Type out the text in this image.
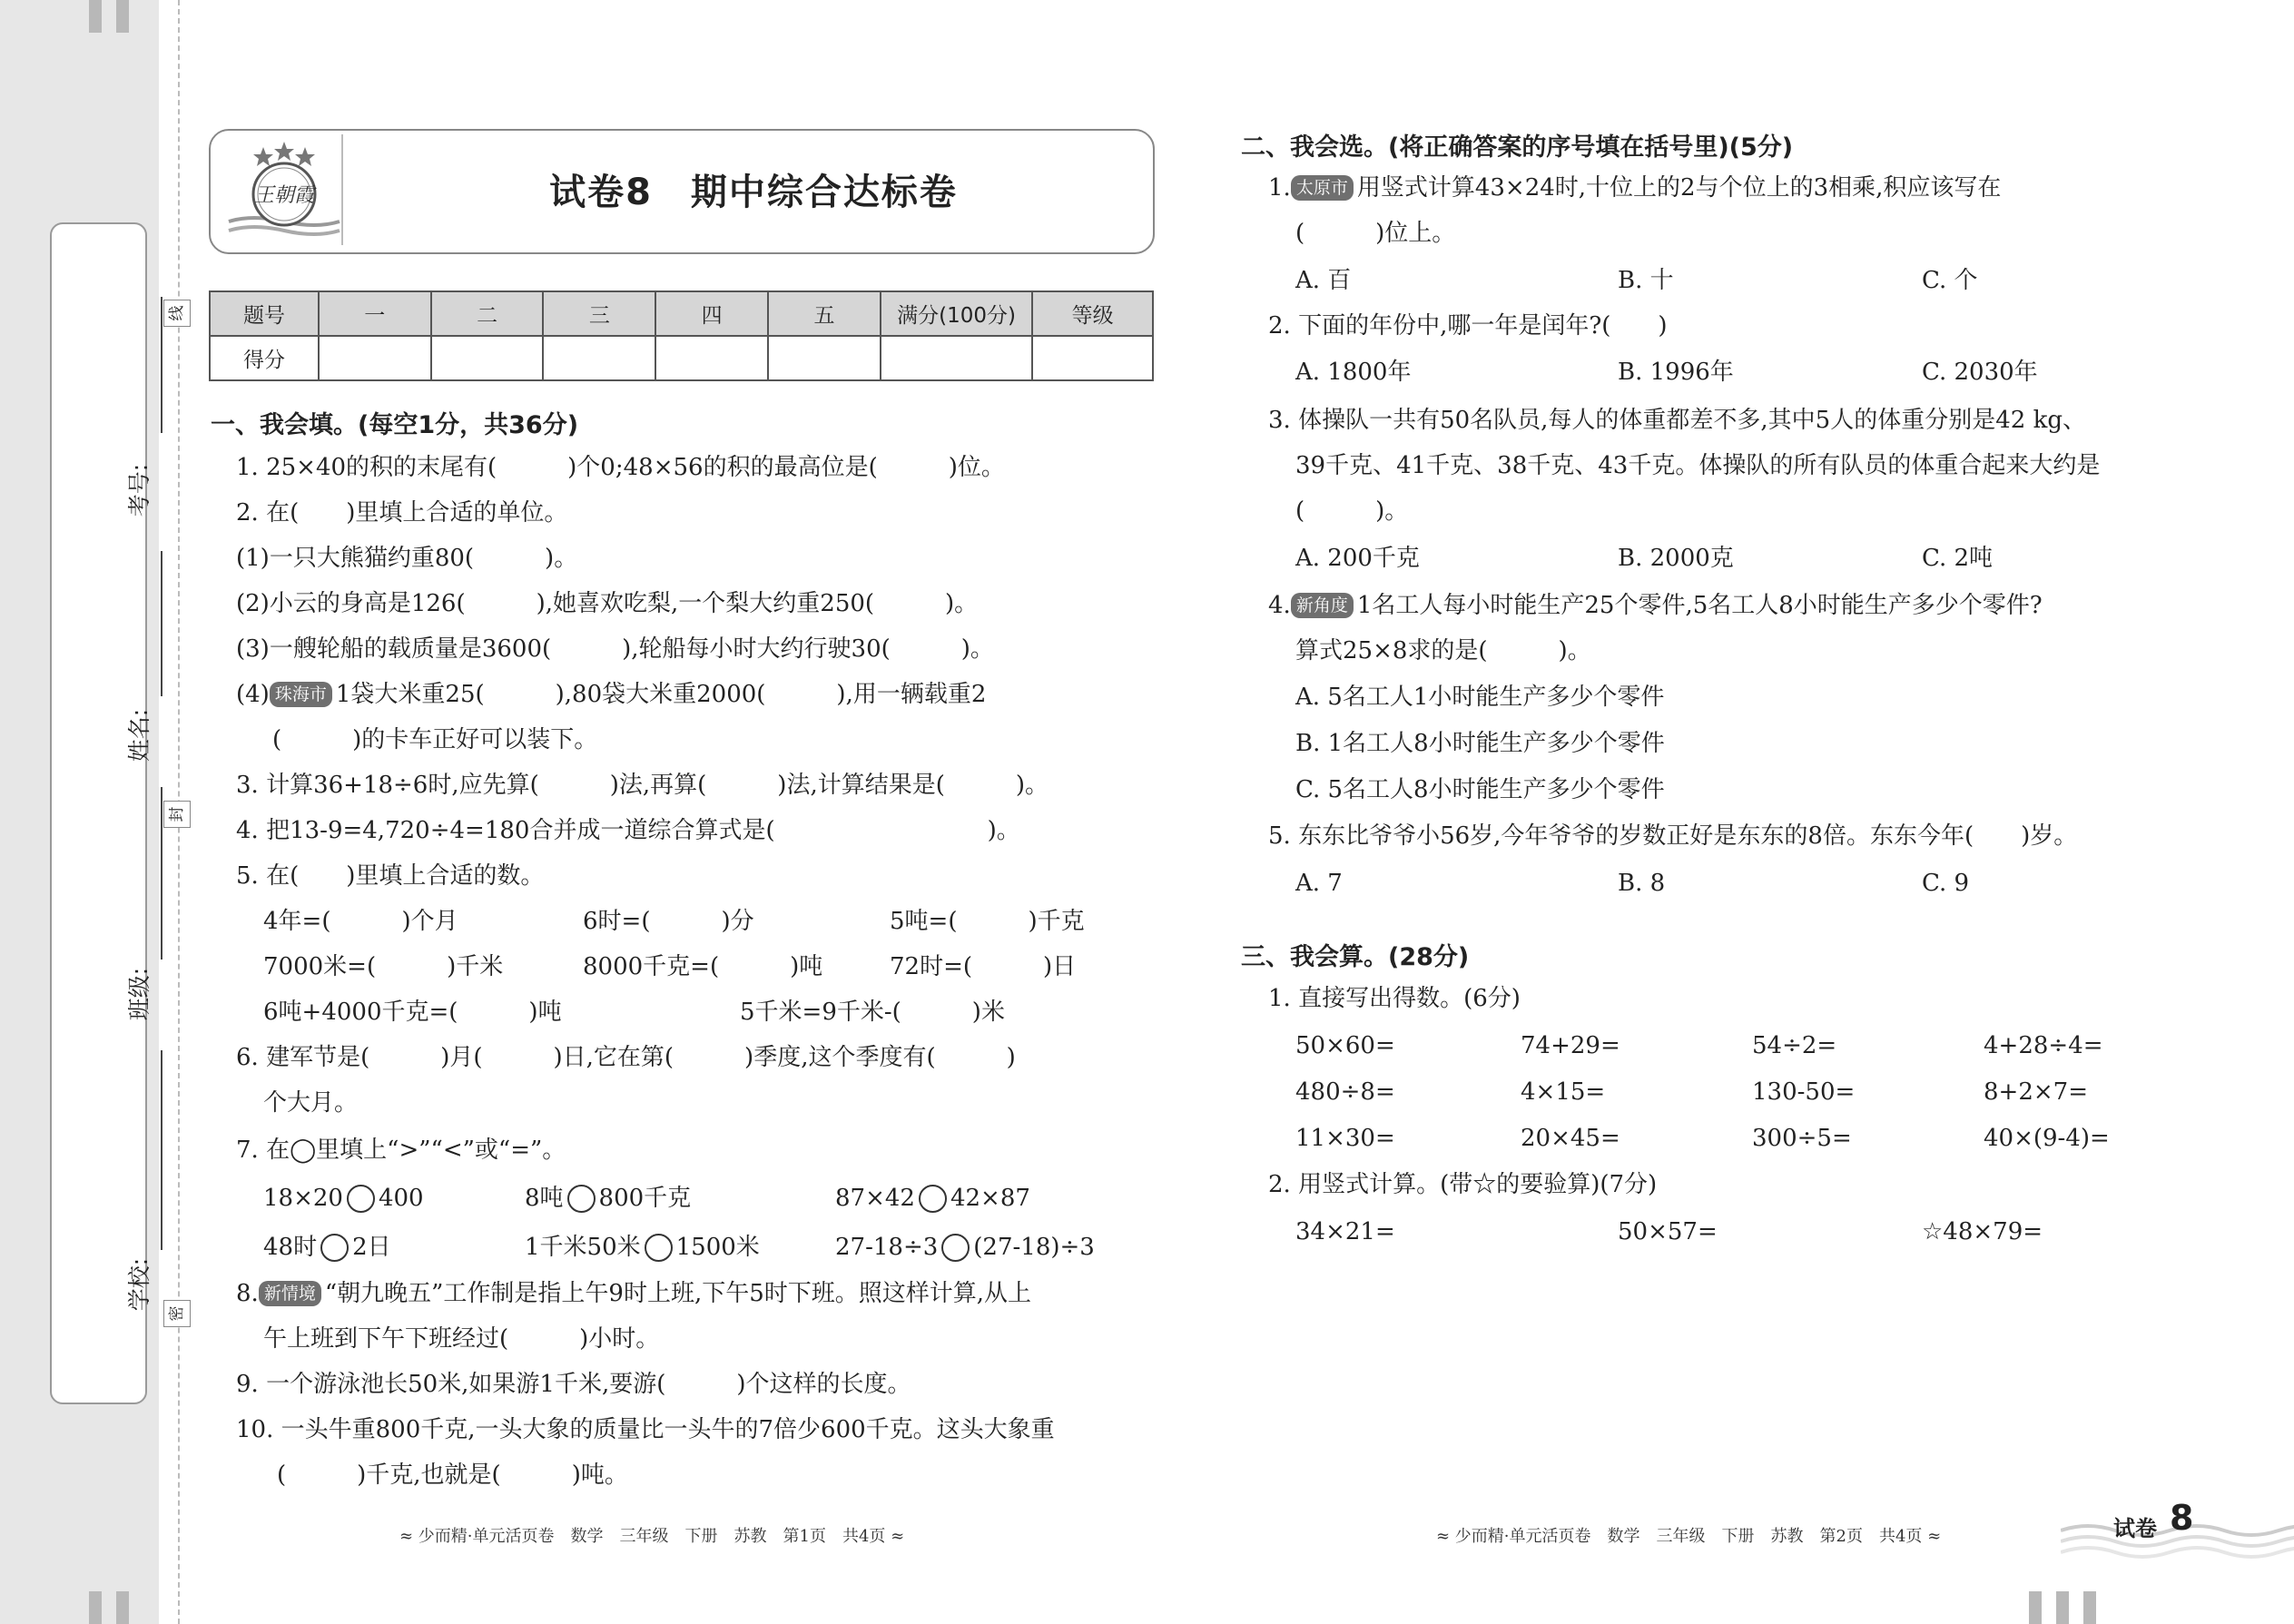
考号:
姓名:
班级:
学校:
线
封
密
王朝霞	试卷8　期中综合达标卷
题号	一	二	三	四	五	满分(100分)	等级
得分							
一、我会填。(每空1分，共36分)
1. 25×40的积的末尾有(　　　)个0;48×56的积的最高位是(　　　)位。
2. 在(　　)里填上合适的单位。
(1)一只大熊猫约重80(　　　)。
(2)小云的身高是126(　　　),她喜欢吃梨,一个梨大约重250(　　　)。
(3)一艘轮船的载质量是3600(　　　),轮船每小时大约行驶30(　　　)。
(4) 珠海市 1袋大米重25(　　　),80袋大米重2000(　　　),用一辆载重2
(　　　)的卡车正好可以装下。
3. 计算36+18÷6时,应先算(　　　)法,再算(　　　)法,计算结果是(　　　)。
4. 把13-9=4,720÷4=180合并成一道综合算式是(　　　　　　　　　)。
5. 在(　　)里填上合适的数。
4年=(　　　)个月	6时=(　　　)分	5吨=(　　　)千克
7000米=(　　　)千米	8000千克=(　　　)吨	72时=(　　　)日
6吨+4000千克=(　　　)吨	5千米=9千米-(　　　)米
6. 建军节是(　　　)月(　　　)日,它在第(　　　)季度,这个季度有(　　　)
个大月。
7. 在◯里填上“>”“<”或“=”。
18×20 400	8吨 800千克	87×42 42×87
48时 2日	1千米50米 1500米	27-18÷3 (27-18)÷3
8. 新情境 “朝九晚五”工作制是指上午9时上班,下午5时下班。照这样计算,从上
午上班到下午下班经过(　　　)小时。
9. 一个游泳池长50米,如果游1千米,要游(　　　)个这样的长度。
10. 一头牛重800千克,一头大象的质量比一头牛的7倍少600千克。这头大象重
(　　　)千克,也就是(　　　)吨。
≈ 少而精·单元活页卷　数学　三年级　下册　苏教　第1页　共4页 ≈
二、我会选。(将正确答案的序号填在括号里)(5分)
1. 太原市 用竖式计算43×24时,十位上的2与个位上的3相乘,积应该写在
(　　　)位上。
A. 百	B. 十	C. 个
2. 下面的年份中,哪一年是闰年?(　　)
A. 1800年	B. 1996年	C. 2030年
3. 体操队一共有50名队员,每人的体重都差不多,其中5人的体重分别是42 kg、
39千克、41千克、38千克、43千克。体操队的所有队员的体重合起来大约是
(　　　)。
A. 200千克	B. 2000克	C. 2吨
4. 新角度 1名工人每小时能生产25个零件,5名工人8小时能生产多少个零件?
算式25×8求的是(　　　)。
A. 5名工人1小时能生产多少个零件
B. 1名工人8小时能生产多少个零件
C. 5名工人8小时能生产多少个零件
5. 东东比爷爷小56岁,今年爷爷的岁数正好是东东的8倍。东东今年(　　)岁。
A. 7	B. 8	C. 9
三、我会算。(28分)
1. 直接写出得数。(6分)
50×60=	74+29=	54÷2=	4+28÷4=
480÷8=	4×15=	130-50=	8+2×7=
11×30=	20×45=	300÷5=	40×(9-4)=
2. 用竖式计算。(带☆的要验算)(7分)
34×21=	50×57=	☆48×79=
≈ 少而精·单元活页卷　数学　三年级　下册　苏教　第2页　共4页 ≈	试卷 8
